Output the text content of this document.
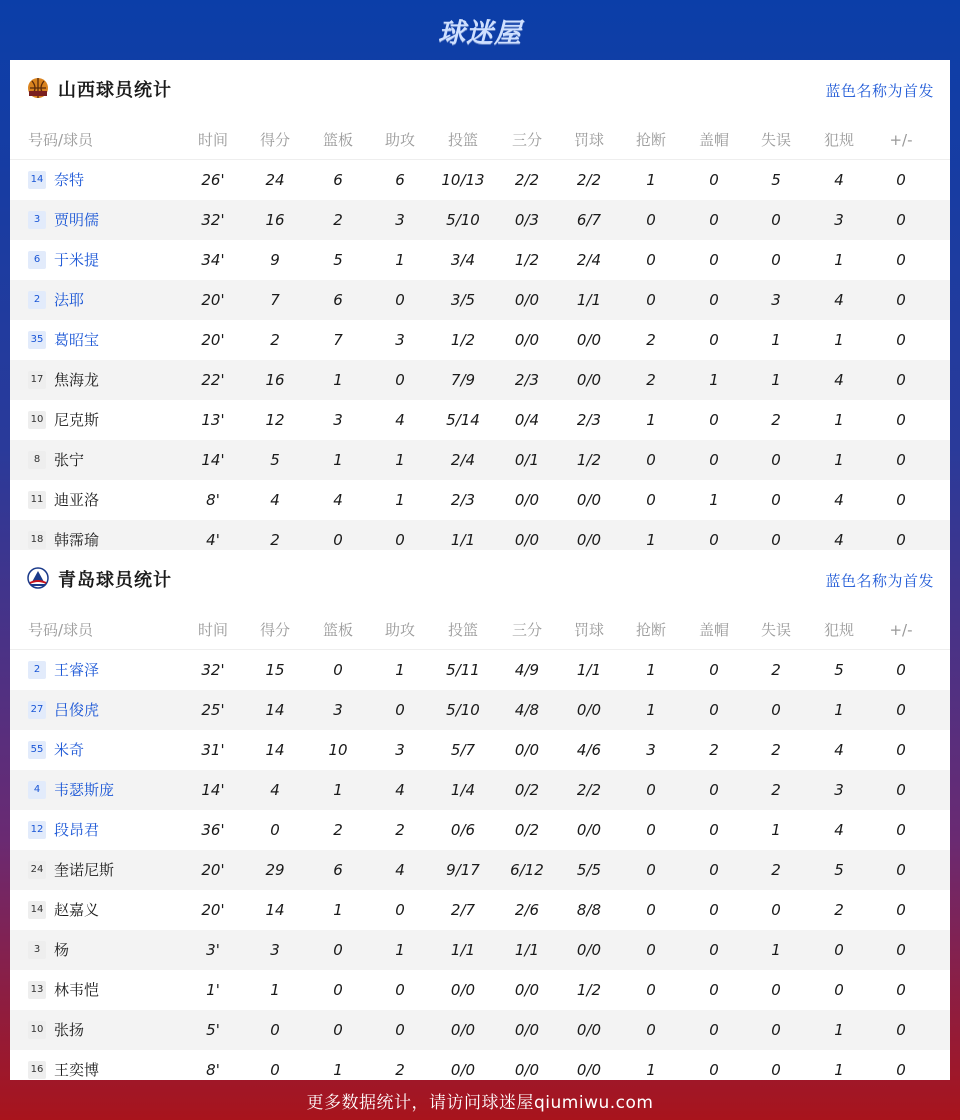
球迷屋
山西球员统计	蓝色名称为首发
号码/球员	时间	得分	篮板	助攻	投篮	三分	罚球	抢断	盖帽	失误	犯规	+/-
14 奈特	26'	24	6	6	10/13	2/2	2/2	1	0	5	4	0
3 贾明儒	32'	16	2	3	5/10	0/3	6/7	0	0	0	3	0
6 于米提	34'	9	5	1	3/4	1/2	2/4	0	0	0	1	0
2 法耶	20'	7	6	0	3/5	0/0	1/1	0	0	3	4	0
35 葛昭宝	20'	2	7	3	1/2	0/0	0/0	2	0	1	1	0
17 焦海龙	22'	16	1	0	7/9	2/3	0/0	2	1	1	4	0
10 尼克斯	13'	12	3	4	5/14	0/4	2/3	1	0	2	1	0
8 张宁	14'	5	1	1	2/4	0/1	1/2	0	0	0	1	0
11 迪亚洛	8'	4	4	1	2/3	0/0	0/0	0	1	0	4	0
18 韩霈瑜	4'	2	0	0	1/1	0/0	0/0	1	0	0	4	0
青岛球员统计	蓝色名称为首发
号码/球员	时间	得分	篮板	助攻	投篮	三分	罚球	抢断	盖帽	失误	犯规	+/-
2 王睿泽	32'	15	0	1	5/11	4/9	1/1	1	0	2	5	0
27 吕俊虎	25'	14	3	0	5/10	4/8	0/0	1	0	0	1	0
55 米奇	31'	14	10	3	5/7	0/0	4/6	3	2	2	4	0
4 韦瑟斯庞	14'	4	1	4	1/4	0/2	2/2	0	0	2	3	0
12 段昂君	36'	0	2	2	0/6	0/2	0/0	0	0	1	4	0
24 奎诺尼斯	20'	29	6	4	9/17	6/12	5/5	0	0	2	5	0
14 赵嘉义	20'	14	1	0	2/7	2/6	8/8	0	0	0	2	0
3 杨	3'	3	0	1	1/1	1/1	0/0	0	0	1	0	0
13 林韦恺	1'	1	0	0	0/0	0/0	1/2	0	0	0	0	0
10 张扬	5'	0	0	0	0/0	0/0	0/0	0	0	0	1	0
16 王奕博	8'	0	1	2	0/0	0/0	0/0	1	0	0	1	0
更多数据统计，请访问球迷屋qiumiwu.com
